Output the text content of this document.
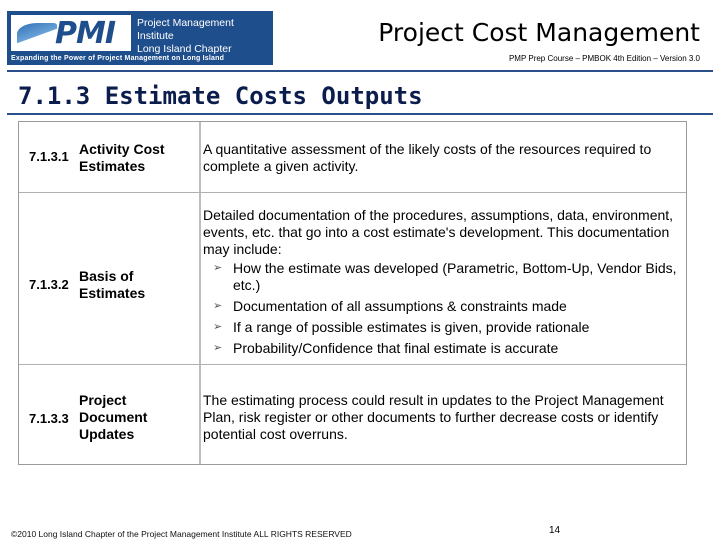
PMI Project Management Institute
Long Island Chapter
Expanding the Power of Project Management on Long Island
Project Cost Management
PMP Prep Course – PMBOK 4th Edition – Version 3.0
7.1.3 Estimate Costs Outputs
7.1.3.1 Activity Cost Estimates
A quantitative assessment of the likely costs of the resources required to complete a given activity.
7.1.3.2
Basis of Estimates
Detailed documentation of the procedures, assumptions, data, environment, events, etc. that go into a cost estimate's development. This documentation may include:
➢ How the estimate was developed (Parametric, Bottom-Up, Vendor Bids, etc.)
➢ Documentation of all assumptions & constraints made
➢ If a range of possible estimates is given, provide rationale
➢ Probability/Confidence that final estimate is accurate
7.1.3.3
Project Document Updates
The estimating process could result in updates to the Project Management Plan, risk register or other documents to further decrease costs or identify potential cost overruns.
©2010 Long Island Chapter of the Project Management Institute ALL RIGHTS RESERVED	14
